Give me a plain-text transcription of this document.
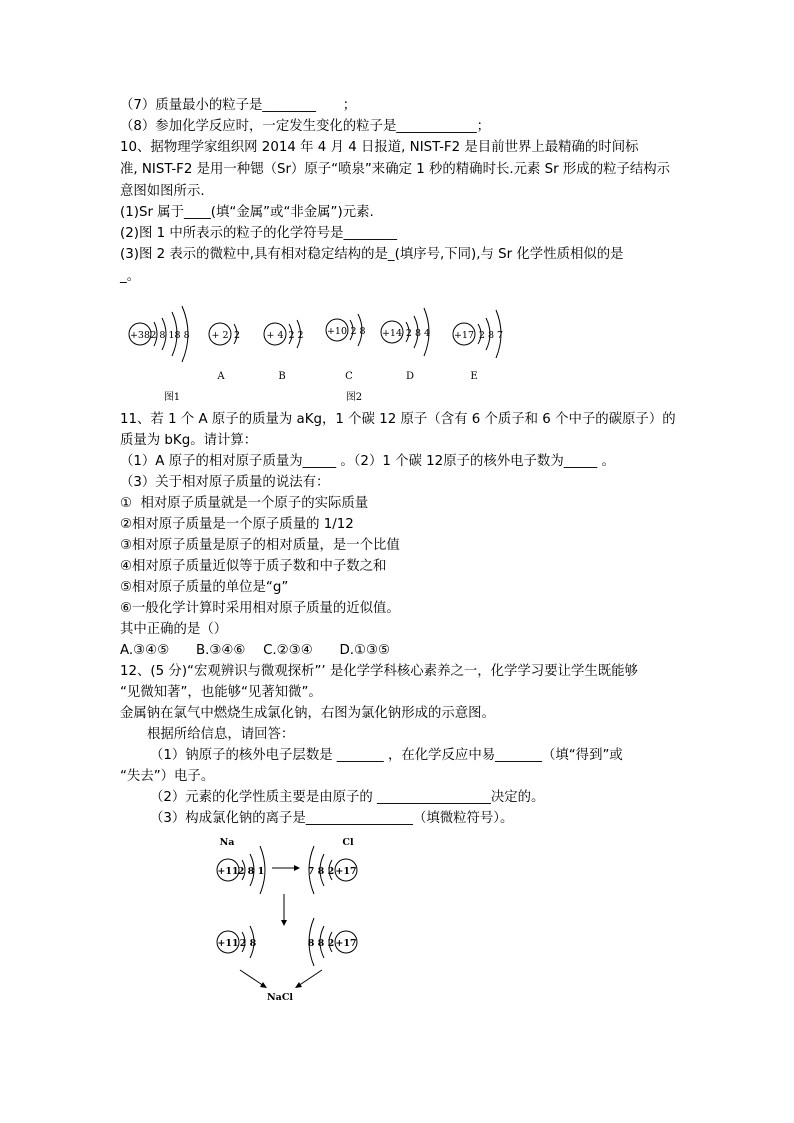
（7）质量最小的粒子是________　　；
（8）参加化学反应时，一定发生变化的粒子是____________；
10、据物理学家组织网 2014 年 4 月 4 日报道, NIST-F2 是目前世界上最精确的时间标
准, NIST-F2 是用一种锶（Sr）原子“喷泉”来确定 1 秒的精确时长.元素 Sr 形成的粒子结构示
意图如图所示.
(1)Sr 属于____(填“金属”或“非金属”)元素.
(2)图 1 中所表示的粒子的化学符号是________
(3)图 2 表示的微粒中,具有相对稳定结构的是_(填序号,下同),与 Sr 化学性质相似的是
_。
+38 2 8 18 8 + 2 2	+ 4 2 2 +10 2 8 +14 2 8 4	+17 2 8 7
A	B	C	D	E
图1	图2
11、若 1 个 A 原子的质量为 aKg，1 个碳 12 原子（含有 6 个质子和 6 个中子的碳原子）的
质量为 bKg。请计算：
（1）A 原子的相对原子质量为_____ 。（2）1 个碳 12原子的核外电子数为_____ 。
（3）关于相对原子质量的说法有：
①  相对原子质量就是一个原子的实际质量
②相对原子质量是一个原子质量的 1/12
③相对原子质量是原子的相对质量，是一个比值
④相对原子质量近似等于质子数和中子数之和
⑤相对原子质量的单位是“g”
⑥一般化学计算时采用相对原子质量的近似值。
其中正确的是（）
A.③④⑤　　B.③④⑥　 C.②③④　　D.①③⑤
12、(5 分)“宏观辨识与微观探析”’ 是化学学科核心素养之一，化学学习要让学生既能够
“见微知著”，也能够“见著知微”。
金属钠在氯气中燃烧生成氯化钠，右图为氯化钠形成的示意图。
根据所给信息，请回答：
（1）钠原子的核外电子层数是 _______ ，在化学反应中易_______（填“得到”或
“失去”）电子。
（2）元素的化学性质主要是由原子的 _________________决定的。
（3）构成氯化钠的离子是________________（填微粒符号）。
Na	Cl
+11 2 8 1	7 8 2 +17
+11 2 8	8 8 2 +17
NaCl
